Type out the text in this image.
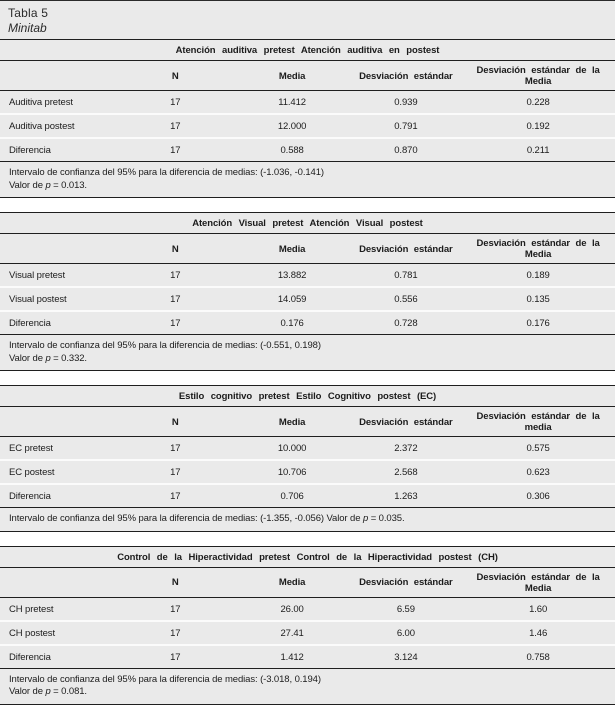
Tabla 5
Minitab
Atención auditiva pretest Atención auditiva en postest
	N	Media	Desviación estándar	Desviación estándar de la Media
Auditiva pretest	17	11.412	0.939	0.228
Auditiva postest	17	12.000	0.791	0.192
Diferencia	17	0.588	0.870	0.211
Intervalo de confianza del 95% para la diferencia de medias: (-1.036, -0.141)
Valor de p = 0.013.
Atención Visual pretest Atención Visual postest
	N	Media	Desviación estándar	Desviación estándar de la Media
Visual pretest	17	13.882	0.781	0.189
Visual postest	17	14.059	0.556	0.135
Diferencia	17	0.176	0.728	0.176
Intervalo de confianza del 95% para la diferencia de medias: (-0.551, 0.198)
Valor de p = 0.332.
Estilo cognitivo pretest Estilo Cognitivo postest (EC)
	N	Media	Desviación estándar	Desviación estándar de la media
EC pretest	17	10.000	2.372	0.575
EC postest	17	10.706	2.568	0.623
Diferencia	17	0.706	1.263	0.306
Intervalo de confianza del 95% para la diferencia de medias: (-1.355, -0.056) Valor de p = 0.035.
Control de la Hiperactividad pretest Control de la Hiperactividad postest (CH)
	N	Media	Desviación estándar	Desviación estándar de la Media
CH pretest	17	26.00	6.59	1.60
CH postest	17	27.41	6.00	1.46
Diferencia	17	1.412	3.124	0.758
Intervalo de confianza del 95% para la diferencia de medias: (-3.018, 0.194)
Valor de p = 0.081.
